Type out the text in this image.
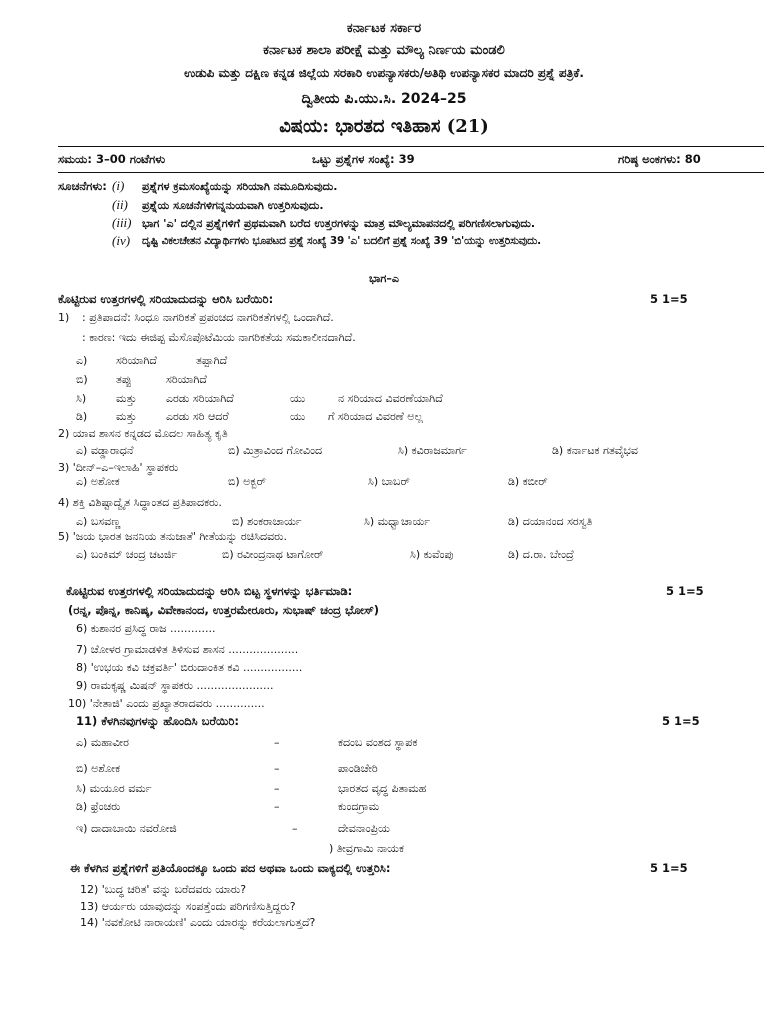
ಕರ್ನಾಟಕ ಸರ್ಕಾರ
ಕರ್ನಾಟಕ ಶಾಲಾ ಪರೀಕ್ಷೆ ಮತ್ತು ಮೌಲ್ಯ ನಿರ್ಣಯ ಮಂಡಲಿ
ಉಡುಪಿ ಮತ್ತು ದಕ್ಷಿಣ ಕನ್ನಡ ಜಿಲ್ಲೆಯ ಸರಕಾರಿ ಉಪನ್ಯಾಸಕರು/ಅತಿಥಿ ಉಪನ್ಯಾಸಕರ ಮಾದರಿ ಪ್ರಶ್ನೆ ಪತ್ರಿಕೆ.
ದ್ವಿತೀಯ ಪಿ.ಯು.ಸಿ. 2024–25
ವಿಷಯ: ಭಾರತದ ಇತಿಹಾಸ (21)
ಸಮಯ: 3–00 ಗಂಟೆಗಳು	ಒಟ್ಟು ಪ್ರಶ್ನೆಗಳ ಸಂಖ್ಯೆ: 39	ಗರಿಷ್ಠ ಅಂಕಗಳು: 80
ಸೂಚನೆಗಳು: (i) ಪ್ರಶ್ನೆಗಳ ಕ್ರಮಸಂಖ್ಯೆಯನ್ನು ಸರಿಯಾಗಿ ನಮೂದಿಸುವುದು.
(ii) ಪ್ರಶ್ನೆಯ ಸೂಚನೆಗಳಿಗನ್ನನುಯವಾಗಿ ಉತ್ತರಿಸುವುದು.
(iii) ಭಾಗ 'ಎ' ದಲ್ಲಿನ ಪ್ರಶ್ನೆಗಳಿಗೆ ಪ್ರಥಮವಾಗಿ ಬರೆದ ಉತ್ತರಗಳನ್ನು ಮಾತ್ರ ಮೌಲ್ಯಮಾಪನದಲ್ಲಿ ಪರಿಗಣಿಸಲಾಗುವುದು.
(iv) ದೃಷ್ಟಿ ವಿಕಲಚೇತನ ವಿದ್ಯಾರ್ಥಿಗಳು ಭೂಪಟದ ಪ್ರಶ್ನೆ ಸಂಖ್ಯೆ 39 'ಎ' ಬದಲಿಗೆ ಪ್ರಶ್ನೆ ಸಂಖ್ಯೆ 39 'ಬಿ'ಯನ್ನು ಉತ್ತರಿಸುವುದು.
ಭಾಗ–ಎ
ಕೊಟ್ಟಿರುವ ಉತ್ತರಗಳಲ್ಲಿ ಸರಿಯಾದುದನ್ನು ಆರಿಸಿ ಬರೆಯಿರಿ:	5 1=5
1) : ಪ್ರತಿಪಾದನೆ: ಸಿಂಧೂ ನಾಗರಿಕತೆ ಪ್ರಪಂಚದ ನಾಗರಿಕತೆಗಳಲ್ಲಿ ಒಂದಾಗಿದೆ.
: ಕಾರಣ: ಇದು ಈಜಿಪ್ಟ ಮೆಸೊಪೊಟೆಮಿಯ ನಾಗರಿಕತೆಯ ಸಮಕಾಲೀನದಾಗಿದೆ.
ಎ)	ಸರಿಯಾಗಿದೆ	ತಪ್ಪಾಗಿದೆ
ಬಿ)	ತಪ್ಪು	ಸರಿಯಾಗಿದೆ
ಸಿ)	ಮತ್ತು	ಎರಡು ಸರಿಯಾಗಿದೆ	ಯು	ನ ಸರಿಯಾದ ವಿವರಣೆಯಾಗಿದೆ
ಡಿ)	ಮತ್ತು	ಎರಡು ಸರಿ ಆದರೆ	ಯು ಗೆ ಸರಿಯಾದ ವಿವರಣೆ ಅಲ್ಲ
2) ಯಾವ ಶಾಸನ ಕನ್ನಡದ ಮೊದಲ ಸಾಹಿತ್ಯ ಕೃತಿ
ಎ) ವಡ್ಡಾರಾಧನೆ	ಬಿ) ಮಿತ್ರಾವಿಂದ ಗೋವಿಂದ	ಸಿ) ಕವಿರಾಜಮಾರ್ಗ	ಡಿ) ಕರ್ನಾಟಕ ಗತವೈಭವ
3) 'ದೀನ್–ಎ–ಇಲಾಹಿ' ಸ್ಥಾಪಕರು
ಎ) ಅಶೋಕ	ಬಿ) ಅಕ್ಬರ್	ಸಿ) ಬಾಬರ್	ಡಿ) ಕಬೀರ್
4) ಶಕ್ತಿ ವಿಶಿಷ್ಟಾದ್ವೈತ ಸಿದ್ಧಾಂತದ ಪ್ರತಿಪಾದಕರು.
ಎ) ಬಸವಣ್ಣ	ಬಿ) ಶಂಕರಾಚಾರ್ಯ	ಸಿ) ಮಧ್ವಾಚಾರ್ಯ	ಡಿ) ದಯಾನಂದ ಸರಸ್ವತಿ
5) 'ಜಯ ಭಾರತ ಜನನಿಯ ತನುಜಾತೆ' ಗೀತೆಯನ್ನು ರಚಿಸಿದವರು.
ಎ) ಬಂಕಿಮ್ ಚಂದ್ರ ಚಟರ್ಜಿ	ಬಿ) ರವೀಂದ್ರನಾಥ ಟಾಗೋರ್	ಸಿ) ಕುವೆಂಪು	ಡಿ) ದ.ರಾ. ಬೇಂದ್ರೆ
ಕೊಟ್ಟಿರುವ ಉತ್ತರಗಳಲ್ಲಿ ಸರಿಯಾದುದನ್ನು ಆರಿಸಿ ಬಿಟ್ಟ ಸ್ಥಳಗಳನ್ನು ಭರ್ತಿಮಾಡಿ:	5 1=5
(ರನ್ನ, ಪೊನ್ನ, ಕಾನಿಷ್ಕ, ವಿವೇಕಾನಂದ, ಉತ್ತರಮೇರೂರು, ಸುಭಾಷ್ ಚಂದ್ರ ಭೋಸ್)
6) ಕುಶಾನರ ಪ್ರಸಿದ್ಧ ರಾಜ .............
7) ಚೋಳರ ಗ್ರಾಮಾಡಳಿತ ತಿಳಿಸುವ ಶಾಸನ ....................
8) 'ಉಭಯ ಕವಿ ಚಕ್ರವರ್ತಿ' ಬಿರುದಾಂಕಿತ ಕವಿ .................
9) ರಾಮಕೃಷ್ಣ ಮಿಷನ್ ಸ್ಥಾಪಕರು ......................
10) 'ನೇತಾಜಿ' ಎಂದು ಪ್ರಖ್ಯಾತರಾದವರು ..............
11) ಕೆಳಗಿನವುಗಳನ್ನು ಹೊಂದಿಸಿ ಬರೆಯಿರಿ:	5 1=5
ಎ) ಮಹಾವೀರ	–	ಕದಂಬ ವಂಶದ ಸ್ಥಾಪಕ
ಬಿ) ಅಶೋಕ	–	ಪಾಂಡಿಚೇರಿ
ಸಿ) ಮಯೂರ ವರ್ಮ	–	ಭಾರತದ ವೃದ್ಧ ಪಿತಾಮಹ
ಡಿ) ಫ್ರೆಂಚರು	–	ಕುಂದಗ್ರಾಮ
ಇ) ದಾದಾಬಾಯಿ ನವರೋಜಿ	–	ದೇವನಾಂಪ್ರಿಯ
) ತೀವ್ರಗಾಮಿ ನಾಯಕ
ಈ ಕೆಳಗಿನ ಪ್ರಶ್ನೆಗಳಿಗೆ ಪ್ರತಿಯೊಂದಕ್ಕೂ ಒಂದು ಪದ ಅಥವಾ ಒಂದು ವಾಕ್ಯದಲ್ಲಿ ಉತ್ತರಿಸಿ:	5 1=5
12) 'ಬುದ್ಧ ಚರಿತ' ವನ್ನು ಬರೆದವರು ಯಾರು?
13) ಆರ್ಯರು ಯಾವುದನ್ನು ಸಂಪತ್ತೆಂದು ಪರಿಗಣಿಸುತ್ತಿದ್ದರು?
14) 'ನವಕೋಟಿ ನಾರಾಯಣಿ' ಎಂದು ಯಾರನ್ನು ಕರೆಯಲಾಗುತ್ತದೆ?
